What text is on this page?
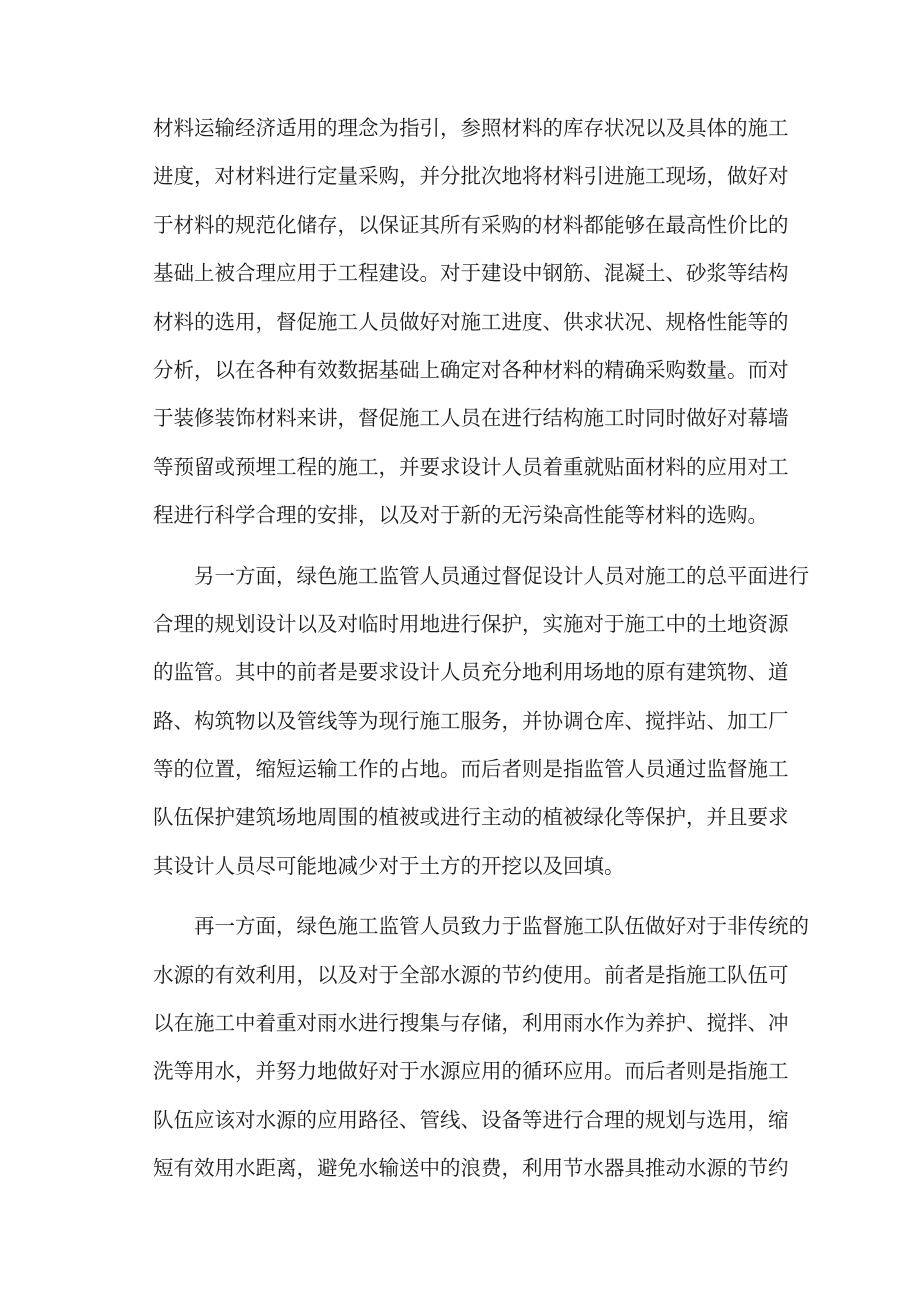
材料运输经济适用的理念为指引，参照材料的库存状况以及具体的施工
进度，对材料进行定量采购，并分批次地将材料引进施工现场，做好对
于材料的规范化储存，以保证其所有采购的材料都能够在最高性价比的
基础上被合理应用于工程建设。对于建设中钢筋、混凝土、砂浆等结构
材料的选用，督促施工人员做好对施工进度、供求状况、规格性能等的
分析，以在各种有效数据基础上确定对各种材料的精确采购数量。而对
于装修装饰材料来讲，督促施工人员在进行结构施工时同时做好对幕墙
等预留或预埋工程的施工，并要求设计人员着重就贴面材料的应用对工
程进行科学合理的安排，以及对于新的无污染高性能等材料的选购。

　　另一方面，绿色施工监管人员通过督促设计人员对施工的总平面进行
合理的规划设计以及对临时用地进行保护，实施对于施工中的土地资源
的监管。其中的前者是要求设计人员充分地利用场地的原有建筑物、道
路、构筑物以及管线等为现行施工服务，并协调仓库、搅拌站、加工厂
等的位置，缩短运输工作的占地。而后者则是指监管人员通过监督施工
队伍保护建筑场地周围的植被或进行主动的植被绿化等保护，并且要求
其设计人员尽可能地减少对于土方的开挖以及回填。

　　再一方面，绿色施工监管人员致力于监督施工队伍做好对于非传统的
水源的有效利用，以及对于全部水源的节约使用。前者是指施工队伍可
以在施工中着重对雨水进行搜集与存储，利用雨水作为养护、搅拌、冲
洗等用水，并努力地做好对于水源应用的循环应用。而后者则是指施工
队伍应该对水源的应用路径、管线、设备等进行合理的规划与选用，缩
短有效用水距离，避免水输送中的浪费，利用节水器具推动水源的节约
